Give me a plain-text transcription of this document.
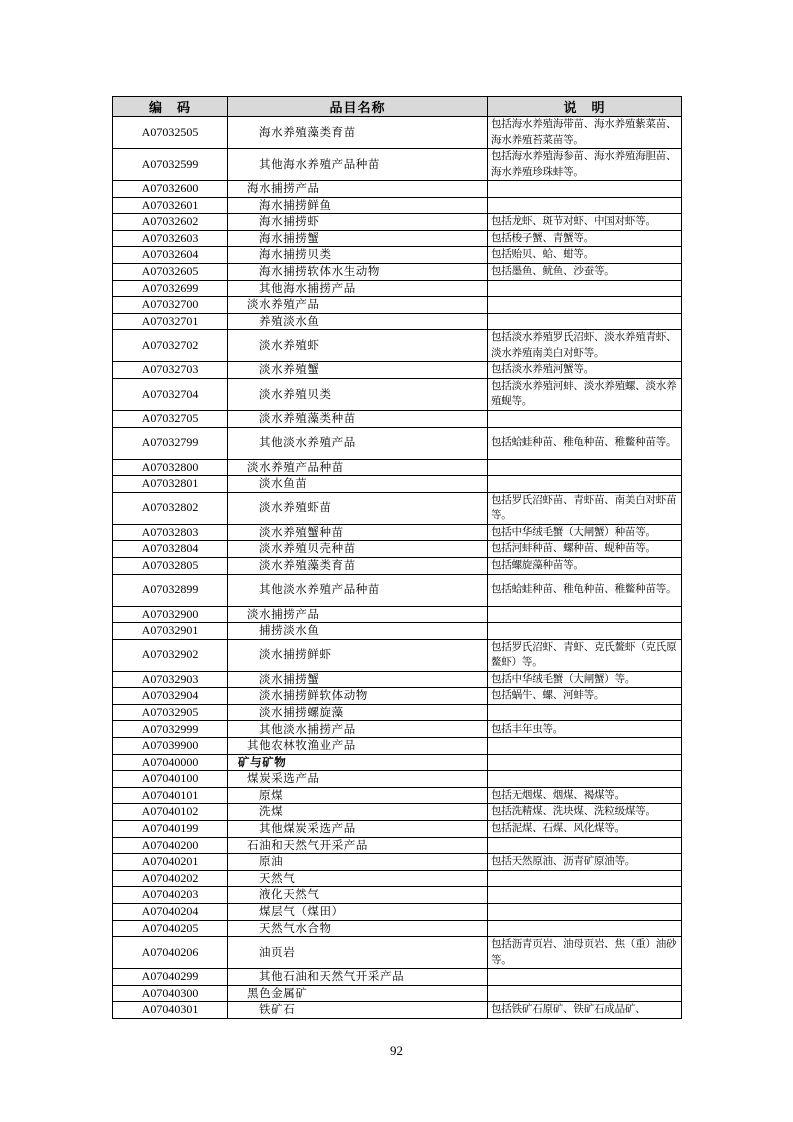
编　码	品目名称	说　明
A07032505	海水养殖藻类育苗	包括海水养殖海带苗、海水养殖紫菜苗、海水养殖苔菜苗等。
A07032599	其他海水养殖产品种苗	包括海水养殖海参苗、海水养殖海胆苗、海水养殖珍珠蚌等。
A07032600	海水捕捞产品	
A07032601	海水捕捞鲜鱼	
A07032602	海水捕捞虾	包括龙虾、斑节对虾、中国对虾等。
A07032603	海水捕捞蟹	包括梭子蟹、青蟹等。
A07032604	海水捕捞贝类	包括贻贝、蛤、蚶等。
A07032605	海水捕捞软体水生动物	包括墨鱼、鱿鱼、沙蚕等。
A07032699	其他海水捕捞产品	
A07032700	淡水养殖产品	
A07032701	养殖淡水鱼	
A07032702	淡水养殖虾	包括淡水养殖罗氏沼虾、淡水养殖青虾、淡水养殖南美白对虾等。
A07032703	淡水养殖蟹	包括淡水养殖河蟹等。
A07032704	淡水养殖贝类	包括淡水养殖河蚌、淡水养殖螺、淡水养殖蚬等。
A07032705	淡水养殖藻类种苗	
A07032799	其他淡水养殖产品	包括蛤蛙种苗、稚龟种苗、稚鳖种苗等。
A07032800	淡水养殖产品种苗	
A07032801	淡水鱼苗	
A07032802	淡水养殖虾苗	包括罗氏沼虾苗、青虾苗、南美白对虾苗等。
A07032803	淡水养殖蟹种苗	包括中华绒毛蟹（大闸蟹）种苗等。
A07032804	淡水养殖贝壳种苗	包括河蚌种苗、螺种苗、蚬种苗等。
A07032805	淡水养殖藻类育苗	包括螺旋藻种苗等。
A07032899	其他淡水养殖产品种苗	包括蛤蛙种苗、稚龟种苗、稚鳖种苗等。
A07032900	淡水捕捞产品	
A07032901	捕捞淡水鱼	
A07032902	淡水捕捞鲜虾	包括罗氏沼虾、青虾、克氏鳌虾（克氏原鳌虾）等。
A07032903	淡水捕捞蟹	包括中华绒毛蟹（大闸蟹）等。
A07032904	淡水捕捞鲜软体动物	包括蜗牛、螺、河蚌等。
A07032905	淡水捕捞螺旋藻	
A07032999	其他淡水捕捞产品	包括丰年虫等。
A07039900	其他农林牧渔业产品	
A07040000	矿与矿物	
A07040100	煤炭采选产品	
A07040101	原煤	包括无烟煤、烟煤、褐煤等。
A07040102	洗煤	包括洗精煤、洗块煤、洗粒级煤等。
A07040199	其他煤炭采选产品	包括泥煤、石煤、风化煤等。
A07040200	石油和天然气开采产品	
A07040201	原油	包括天然原油、沥青矿原油等。
A07040202	天然气	
A07040203	液化天然气	
A07040204	煤层气（煤田）	
A07040205	天然气水合物	
A07040206	油页岩	包括沥青页岩、油母页岩、焦（重）油砂等。
A07040299	其他石油和天然气开采产品	
A07040300	黑色金属矿	
A07040301	铁矿石	包括铁矿石原矿、铁矿石成品矿、
92
